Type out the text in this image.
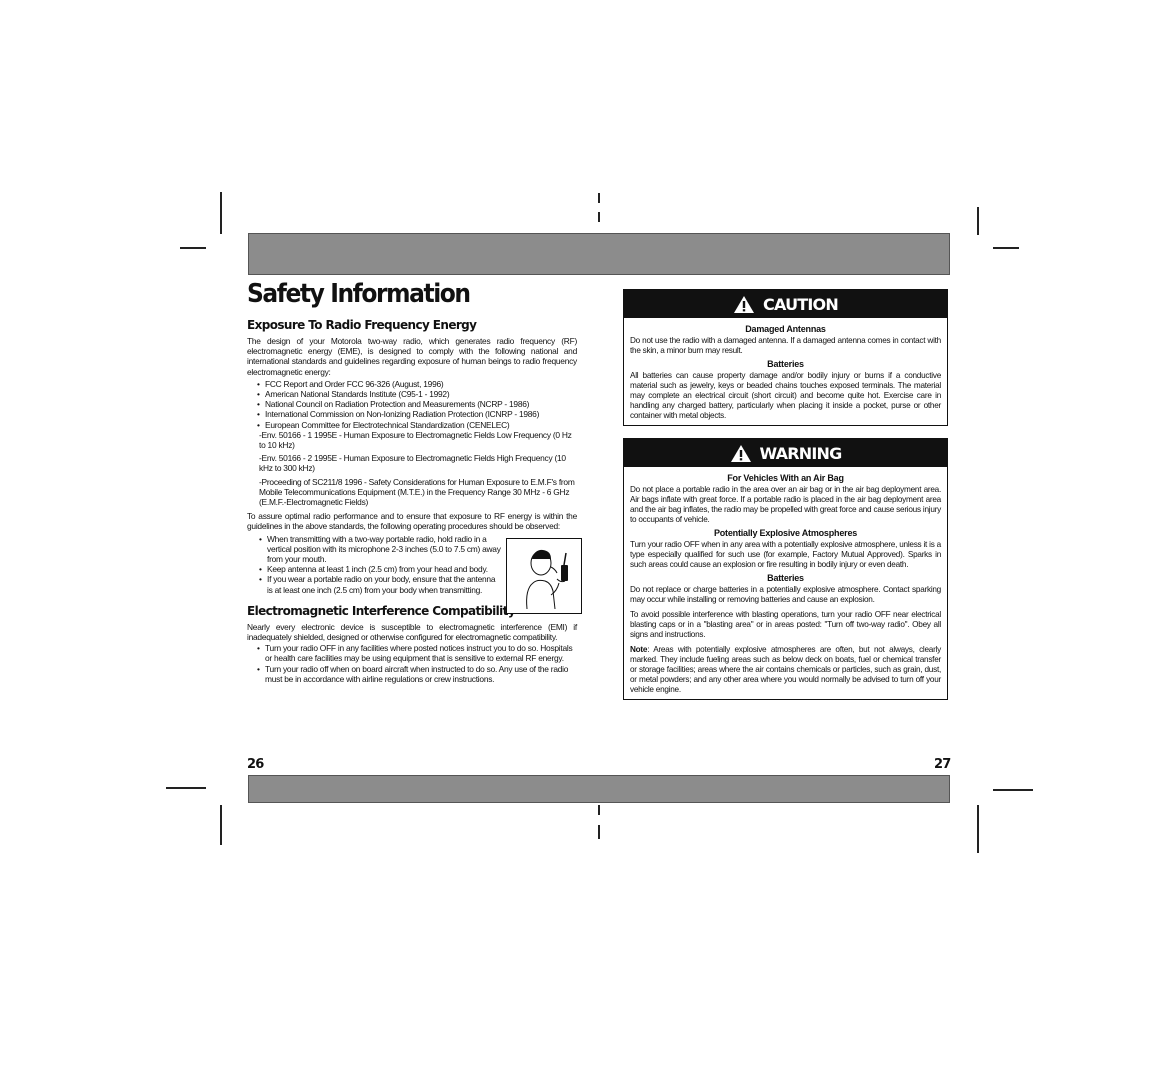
Safety Information
Exposure To Radio Frequency Energy

The design of your Motorola two-way radio, which generates radio frequency (RF) electromagnetic energy (EME), is designed to comply with the following national and international standards and guidelines regarding exposure of human beings to radio frequency electromagnetic energy:

• FCC Report and Order FCC 96-326 (August, 1996)
• American National Standards Institute (C95-1 - 1992)
• National Council on Radiation Protection and Measurements (NCRP - 1986)
• International Commission on Non-Ionizing Radiation Protection (ICNRP - 1986)
• European Committee for Electrotechnical Standardization (CENELEC)
-Env. 50166 - 1 1995E - Human Exposure to Electromagnetic Fields Low Frequency (0 Hz to 10 kHz)
-Env. 50166 - 2 1995E - Human Exposure to Electromagnetic Fields High Frequency (10 kHz to 300 kHz)
-Proceeding of SC211/8 1996 - Safety Considerations for Human Exposure to E.M.F's from Mobile Telecommunications Equipment (M.T.E.) in the Frequency Range 30 MHz - 6 GHz (E.M.F.-Electromagnetic Fields)

To assure optimal radio performance and to ensure that exposure to RF energy is within the guidelines in the above standards, the following operating procedures should be observed:

• When transmitting with a two-way portable radio, hold radio in a vertical position with its microphone 2-3 inches (5.0 to 7.5 cm) away from your mouth.
• Keep antenna at least 1 inch (2.5 cm) from your head and body.
• If you wear a portable radio on your body, ensure that the antenna is at least one inch (2.5 cm) from your body when transmitting.
Electromagnetic Interference Compatibility

Nearly every electronic device is susceptible to electromagnetic interference (EMI) if inadequately shielded, designed or otherwise configured for electromagnetic compatibility.

• Turn your radio OFF in any facilities where posted notices instruct you to do so. Hospitals or health care facilities may be using equipment that is sensitive to external RF energy.
• Turn your radio off when on board aircraft when instructed to do so. Any use of the radio must be in accordance with airline regulations or crew instructions.
26	27
CAUTION
Damaged Antennas

Do not use the radio with a damaged antenna. If a damaged antenna comes in contact with the skin, a minor burn may result.

Batteries

All batteries can cause property damage and/or bodily injury or burns if a conductive material such as jewelry, keys or beaded chains touches exposed terminals. The material may complete an electrical circuit (short circuit) and become quite hot. Exercise care in handling any charged battery, particularly when placing it inside a pocket, purse or other container with metal objects.

WARNING
For Vehicles With an Air Bag

Do not place a portable radio in the area over an air bag or in the air bag deployment area. Air bags inflate with great force. If a portable radio is placed in the air bag deployment area and the air bag inflates, the radio may be propelled with great force and cause serious injury to occupants of vehicle.

Potentially Explosive Atmospheres

Turn your radio OFF when in any area with a potentially explosive atmosphere, unless it is a type especially qualified for such use (for example, Factory Mutual Approved). Sparks in such areas could cause an explosion or fire resulting in bodily injury or even death.

Batteries

Do not replace or charge batteries in a potentially explosive atmosphere. Contact sparking may occur while installing or removing batteries and cause an explosion.

To avoid possible interference with blasting operations, turn your radio OFF near electrical blasting caps or in a "blasting area" or in areas posted: "Turn off two-way radio". Obey all signs and instructions.

Note: Areas with potentially explosive atmospheres are often, but not always, clearly marked. They include fueling areas such as below deck on boats, fuel or chemical transfer or storage facilities; areas where the air contains chemicals or particles, such as grain, dust, or metal powders; and any other area where you would normally be advised to turn off your vehicle engine.
